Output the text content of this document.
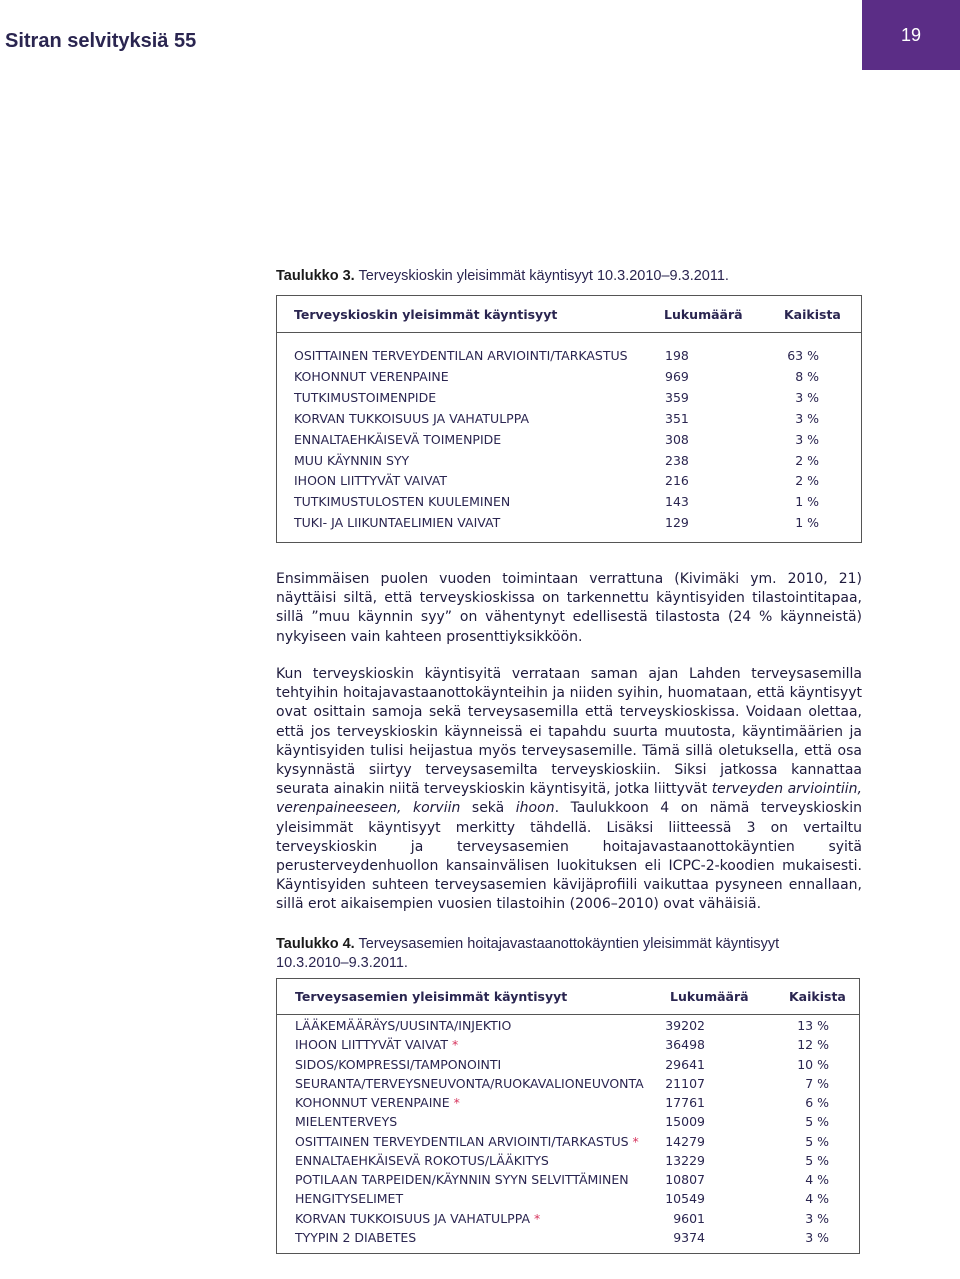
Sitran selvityksiä 55	19
Taulukko 3. Terveyskioskin yleisimmät käyntisyyt 10.3.2010–9.3.2011.
Terveyskioskin yleisimmät käyntisyyt	Lukumäärä	Kaikista
OSITTAINEN TERVEYDENTILAN ARVIOINTI/TARKASTUS	198	63 %
KOHONNUT VERENPAINE	969	8 %
TUTKIMUSTOIMENPIDE	359	3 %
KORVAN TUKKOISUUS JA VAHATULPPA	351	3 %
ENNALTAEHKÄISEVÄ TOIMENPIDE	308	3 %
MUU KÄYNNIN SYY	238	2 %
IHOON LIITTYVÄT VAIVAT	216	2 %
TUTKIMUSTULOSTEN KUULEMINEN	143	1 %
TUKI- JA LIIKUNTAELIMIEN VAIVAT	129	1 %

Ensimmäisen puolen vuoden toimintaan verrattuna (Kivimäki ym. 2010, 21) näyttäisi siltä, että terveyskioskissa on tarkennettu käyntisyiden tilastointitapaa, sillä ”muu käynnin syy” on vähentynyt edellisestä tilastosta (24 % käynneistä) nykyiseen vain kahteen prosenttiyksikköön.

Kun terveyskioskin käyntisyitä verrataan saman ajan Lahden terveysasemilla tehtyihin hoitajavastaanottokäynteihin ja niiden syihin, huomataan, että käyntisyyt ovat osittain samoja sekä terveysasemilla että terveyskioskissa. Voidaan olettaa, että jos terveyskioskin käynneissä ei tapahdu suurta muutosta, käyntimäärien ja käyntisyiden tulisi heijastua myös terveysasemille. Tämä sillä oletuksella, että osa kysynnästä siirtyy terveysasemilta terveyskioskiin. Siksi jatkossa kannattaa seurata ainakin niitä terveyskioskin käyntisyitä, jotka liittyvät terveyden arviointiin, verenpaineeseen, korviin sekä ihoon. Taulukkoon 4 on nämä terveyskioskin yleisimmät käyntisyyt merkitty tähdellä. Lisäksi liitteessä 3 on vertailtu terveyskioskin ja terveysasemien hoitajavastaanottokäyntien syitä perusterveydenhuollon kansainvälisen luokituksen eli ICPC-2-koodien mukaisesti. Käyntisyiden suhteen terveysasemien kävijäprofiili vaikuttaa pysyneen ennallaan, sillä erot aikaisempien vuosien tilastoihin (2006–2010) ovat vähäisiä.

Taulukko 4. Terveysasemien hoitajavastaanottokäyntien yleisimmät käyntisyyt 10.3.2010–9.3.2011.
Terveysasemien yleisimmät käyntisyyt	Lukumäärä	Kaikista
LÄÄKEMÄÄRÄYS/UUSINTA/INJEKTIO	39202	13 %
IHOON LIITTYVÄT VAIVAT *	36498	12 %
SIDOS/KOMPRESSI/TAMPONOINTI	29641	10 %
SEURANTA/TERVEYSNEUVONTA/RUOKAVALIONEUVONTA 21107	7 %
KOHONNUT VERENPAINE *	17761	6 %
MIELENTERVEYS	15009	5 %
OSITTAINEN TERVEYDENTILAN ARVIOINTI/TARKASTUS * 14279	5 %
ENNALTAEHKÄISEVÄ ROKOTUS/LÄÄKITYS	13229	5 %
POTILAAN TARPEIDEN/KÄYNNIN SYYN SELVITTÄMINEN	10807	4 %
HENGITYSELIMET	10549	4 %
KORVAN TUKKOISUUS JA VAHATULPPA *	9601	3 %
TYYPIN 2 DIABETES	9374	3 %
